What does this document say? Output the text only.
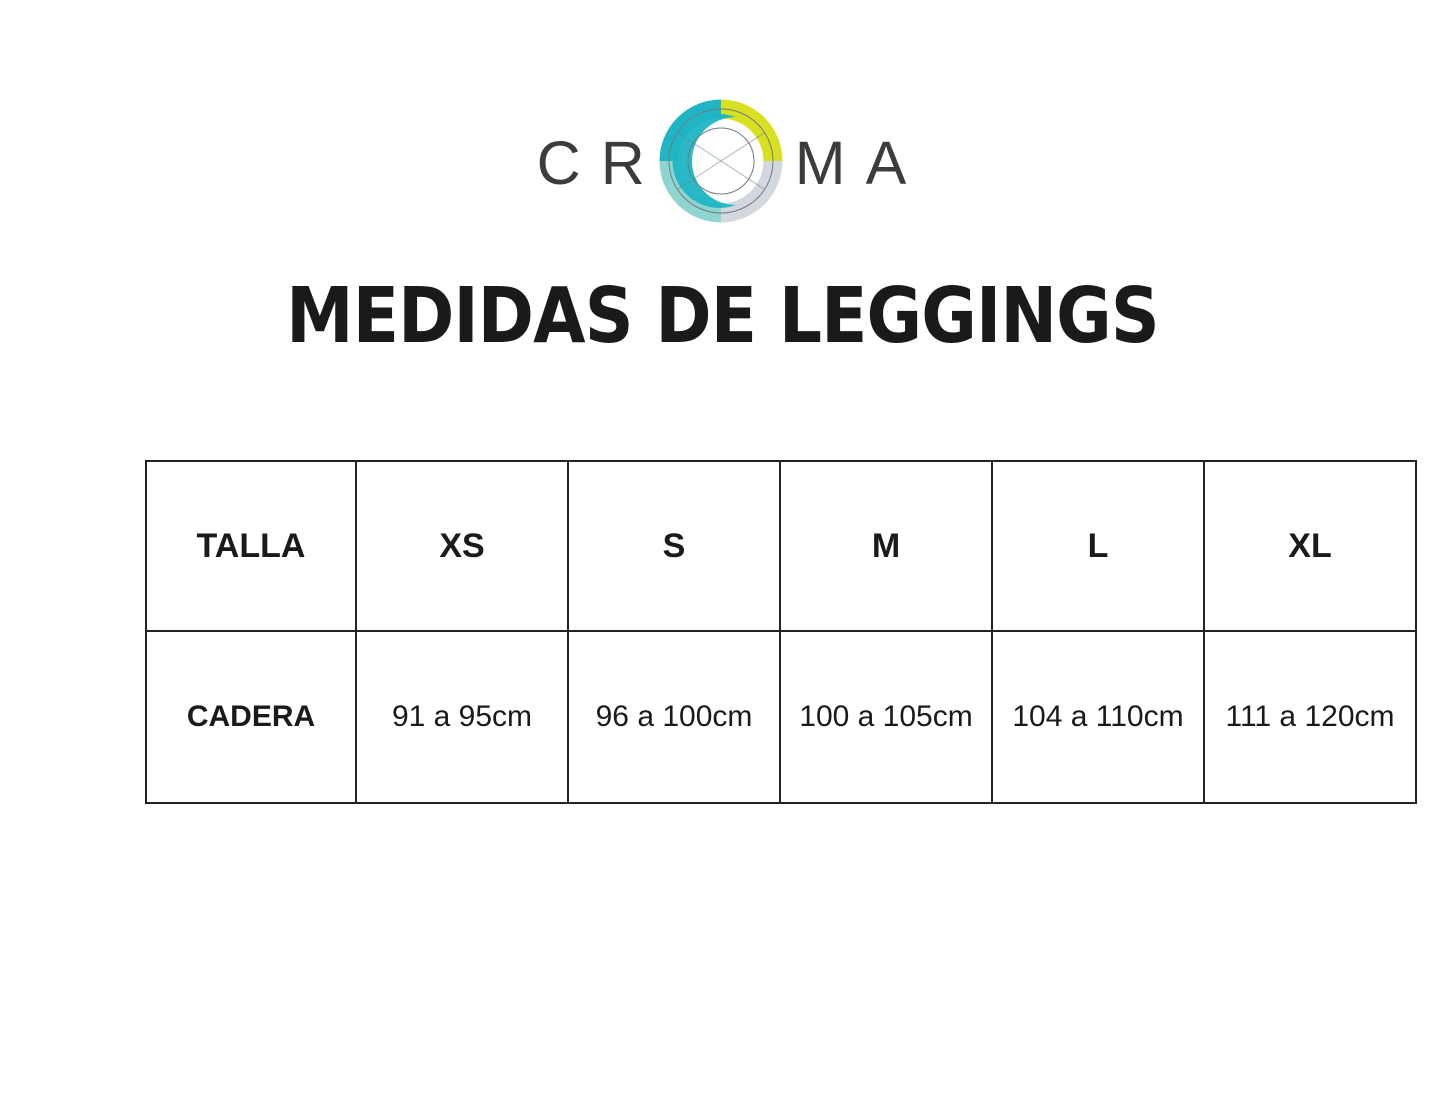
C R M A
MEDIDAS DE LEGGINGS
TALLA	XS	S	M	L	XL
CADERA	91 a 95cm	96 a 100cm	100 a 105cm	104 a 110cm	111 a 120cm
